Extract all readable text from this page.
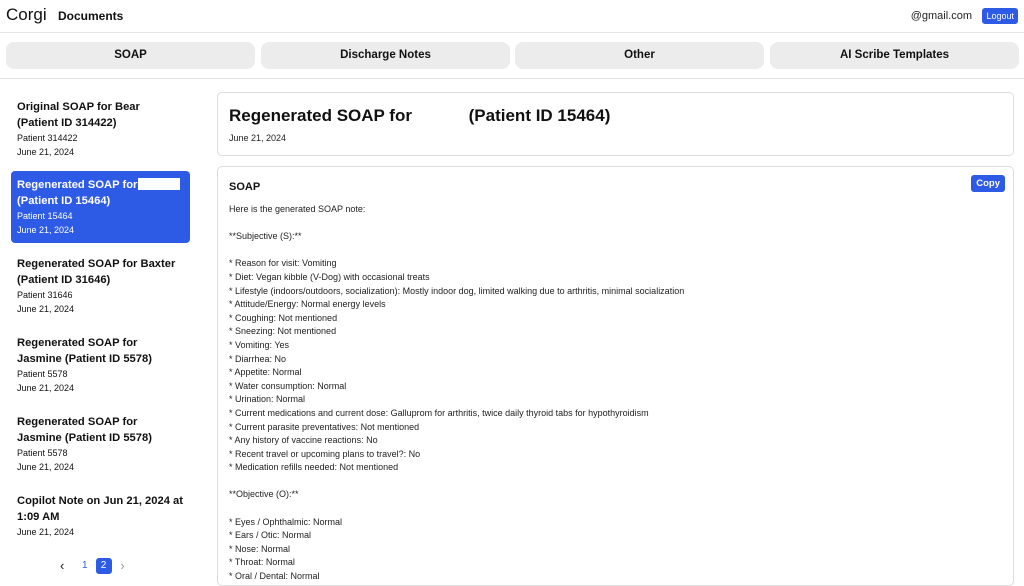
Corgi Documents	@gmail.com	Logout
SOAP	Discharge Notes	Other	AI Scribe Templates
Original SOAP for Bear (Patient ID 314422)
Patient 314422
June 21, 2024
Regenerated SOAP for
(Patient ID 15464)
Patient 15464
June 21, 2024
Regenerated SOAP for Baxter (Patient ID 31646)
Patient 31646
June 21, 2024
Regenerated SOAP for Jasmine (Patient ID 5578)
Patient 5578
June 21, 2024
Regenerated SOAP for Jasmine (Patient ID 5578)
Patient 5578
June 21, 2024
Copilot Note on Jun 21, 2024 at 1:09 AM
June 21, 2024
‹ 1 2 ›
Regenerated SOAP for            (Patient ID 15464)
June 21, 2024
SOAP	Copy
Here is the generated SOAP note:

**Subjective (S):**

* Reason for visit: Vomiting
* Diet: Vegan kibble (V-Dog) with occasional treats
* Lifestyle (indoors/outdoors, socialization): Mostly indoor dog, limited walking due to arthritis, minimal socialization
* Attitude/Energy: Normal energy levels
* Coughing: Not mentioned
* Sneezing: Not mentioned
* Vomiting: Yes
* Diarrhea: No
* Appetite: Normal
* Water consumption: Normal
* Urination: Normal
* Current medications and current dose: Galluprom for arthritis, twice daily thyroid tabs for hypothyroidism
* Current parasite preventatives: Not mentioned
* Any history of vaccine reactions: No
* Recent travel or upcoming plans to travel?: No
* Medication refills needed: Not mentioned

**Objective (O):**

* Eyes / Ophthalmic: Normal
* Ears / Otic: Normal
* Nose: Normal
* Throat: Normal
* Oral / Dental: Normal
